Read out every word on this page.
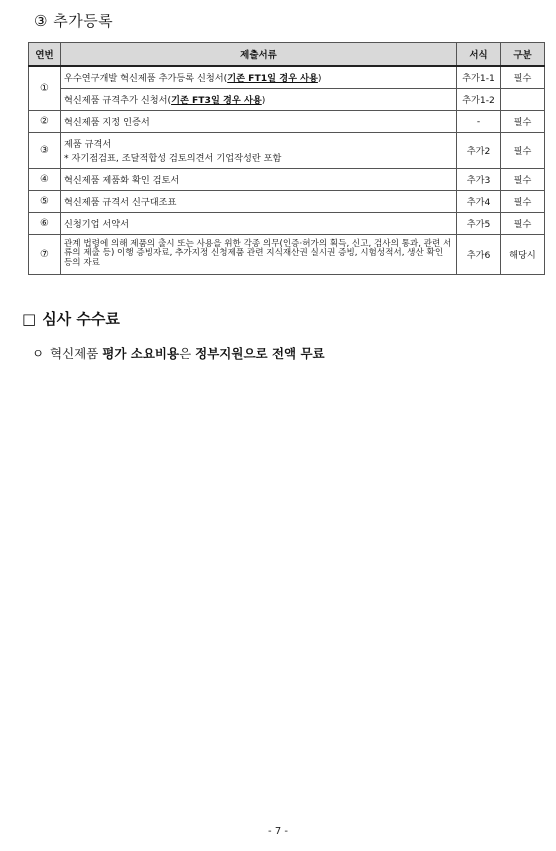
③ 추가등록
연번	제출서류	서식	구분
①	우수연구개발 혁신제품 추가등록 신청서(기존 FT1일 경우 사용)	추가1-1	필수
	혁신제품 규격추가 신청서(기존 FT3일 경우 사용)	추가1-2	
②	혁신제품 지정 인증서	-	필수
③	제품 규격서
* 자기점검표, 조달적합성 검토의견서 기업작성란 포함	추가2	필수
④	혁신제품 제품화 확인 검토서	추가3	필수
⑤	혁신제품 규격서 신구대조표	추가4	필수
⑥	신청기업 서약서	추가5	필수
⑦	관계 법령에 의해 제품의 출시 또는 사용을 위한 각종 의무(인증·허가의 획득, 신고, 검사의 통과, 관련 서류의 제출 등) 이행 증빙자료, 추가지정 신청제품 관련 지식재산권 실시권 증빙, 시험성적서, 생산 확인 등의 자료	추가6	해당시
□ 심사 수수료
ㅇ 혁신제품 평가 소요비용은 정부지원으로 전액 무료
- 7 -
